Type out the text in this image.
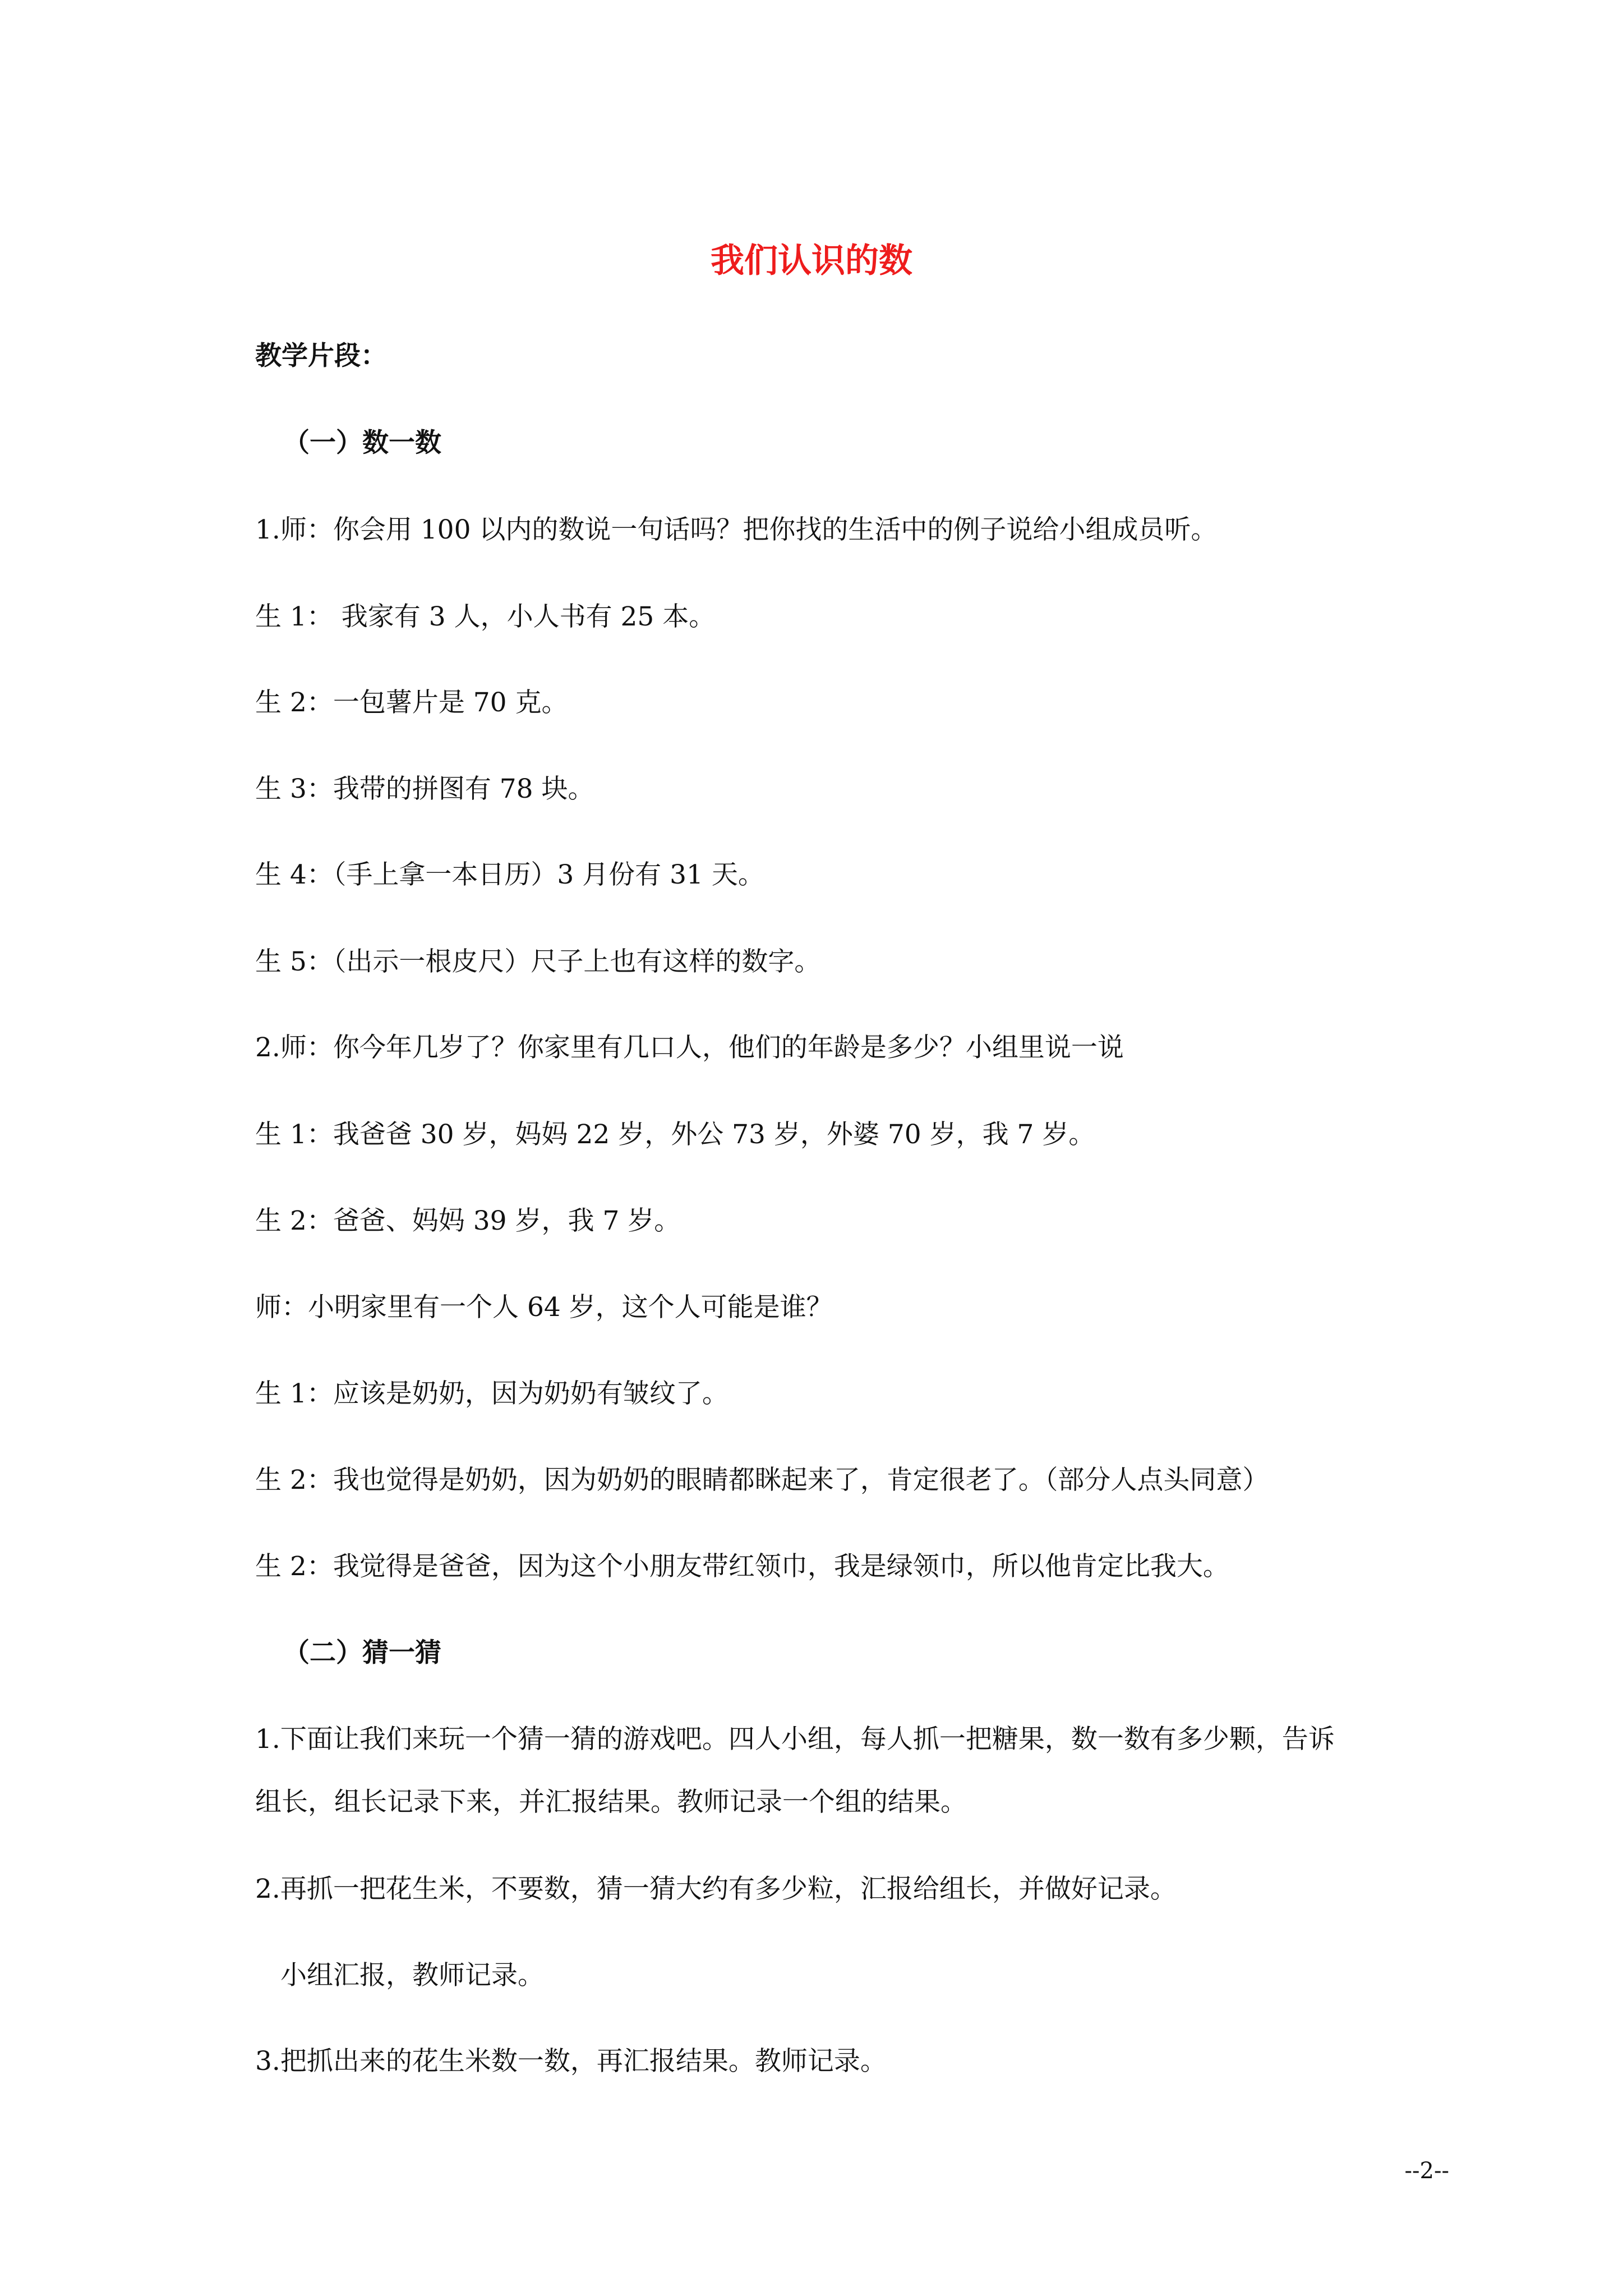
我们认识的数
教学片段：
（一）数一数
1.师：你会用 100 以内的数说一句话吗？把你找的生活中的例子说给小组成员听。
生 1： 我家有 3 人，小人书有 25 本。
生 2：一包薯片是 70 克。
生 3：我带的拼图有 78 块。
生 4：（手上拿一本日历）3 月份有 31 天。
生 5：（出示一根皮尺）尺子上也有这样的数字。
2.师：你今年几岁了？你家里有几口人，他们的年龄是多少？小组里说一说
生 1：我爸爸 30 岁，妈妈 22 岁，外公 73 岁，外婆 70 岁，我 7 岁。
生 2：爸爸、妈妈 39 岁，我 7 岁。
师：小明家里有一个人 64 岁，这个人可能是谁？
生 1：应该是奶奶，因为奶奶有皱纹了。
生 2：我也觉得是奶奶，因为奶奶的眼睛都眯起来了，肯定很老了。（部分人点头同意）
生 2：我觉得是爸爸，因为这个小朋友带红领巾，我是绿领巾，所以他肯定比我大。
（二）猜一猜
1.下面让我们来玩一个猜一猜的游戏吧。四人小组，每人抓一把糖果，数一数有多少颗，告诉
组长，组长记录下来，并汇报结果。教师记录一个组的结果。
2.再抓一把花生米，不要数，猜一猜大约有多少粒，汇报给组长，并做好记录。
小组汇报，教师记录。
3.把抓出来的花生米数一数，再汇报结果。教师记录。
--2--
